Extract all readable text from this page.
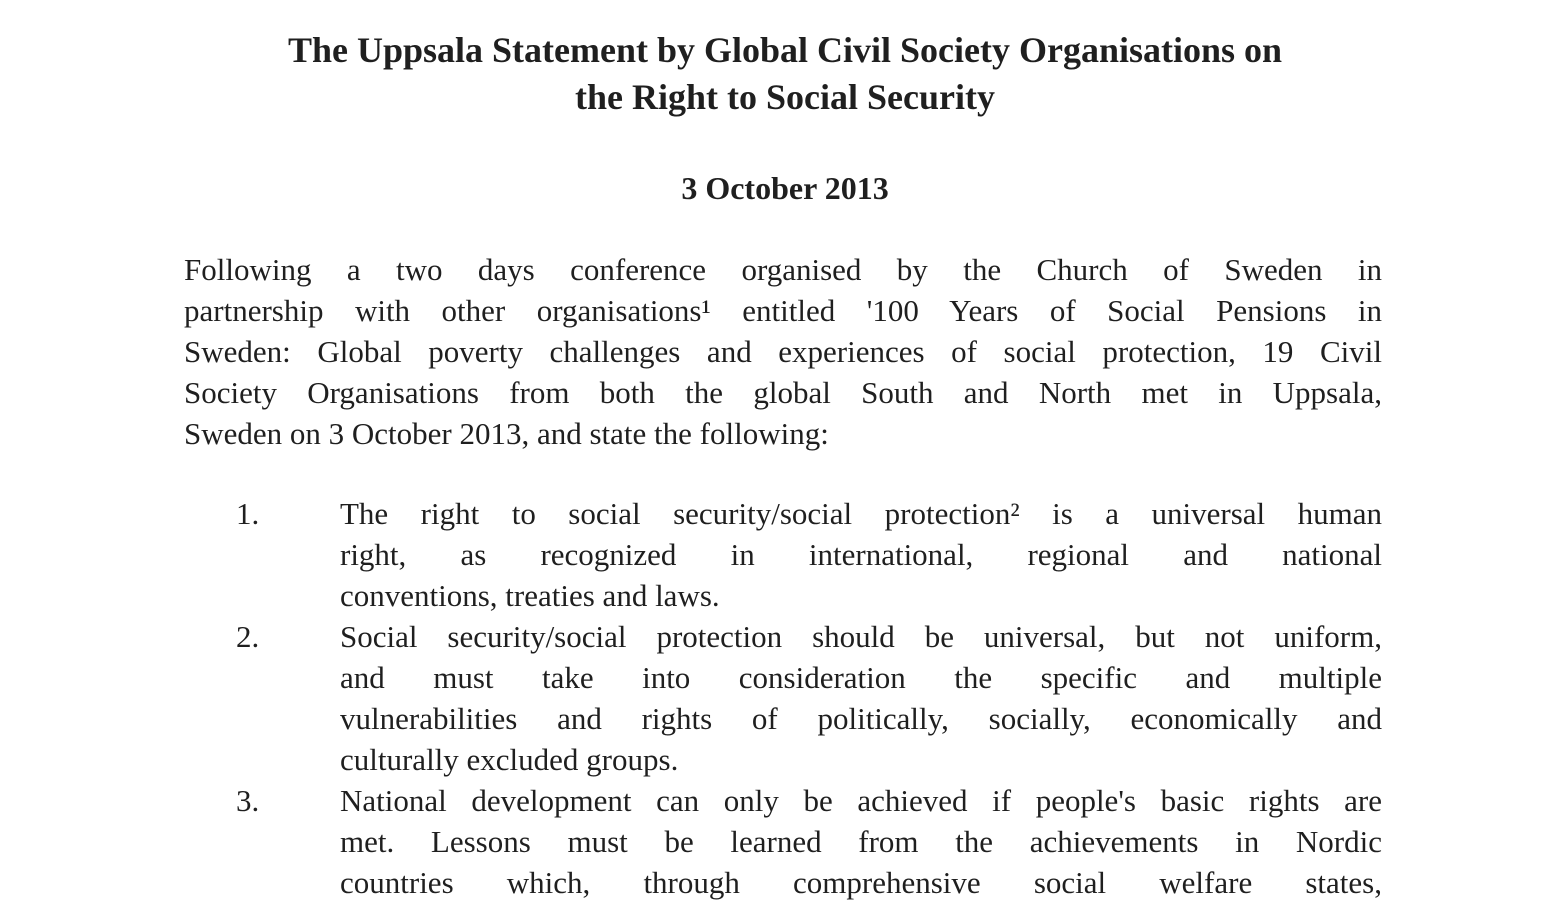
The Uppsala Statement by Global Civil Society Organisations on
the Right to Social Security

3 October 2013

Following a two days conference organised by the Church of Sweden in
partnership with other organisations¹ entitled '100 Years of Social Pensions in
Sweden: Global poverty challenges and experiences of social protection, 19 Civil
Society Organisations from both the global South and North met in Uppsala,
Sweden on 3 October 2013, and state the following:
1.	The right to social security/social protection² is a universal human
right, as recognized in international, regional and national
conventions, treaties and laws.
2.	Social security/social protection should be universal, but not uniform,
and must take into consideration the specific and multiple
vulnerabilities and rights of politically, socially, economically and
culturally excluded groups.
3.	National development can only be achieved if people's basic rights are
met. Lessons must be learned from the achievements in Nordic
countries which, through comprehensive social welfare states,
